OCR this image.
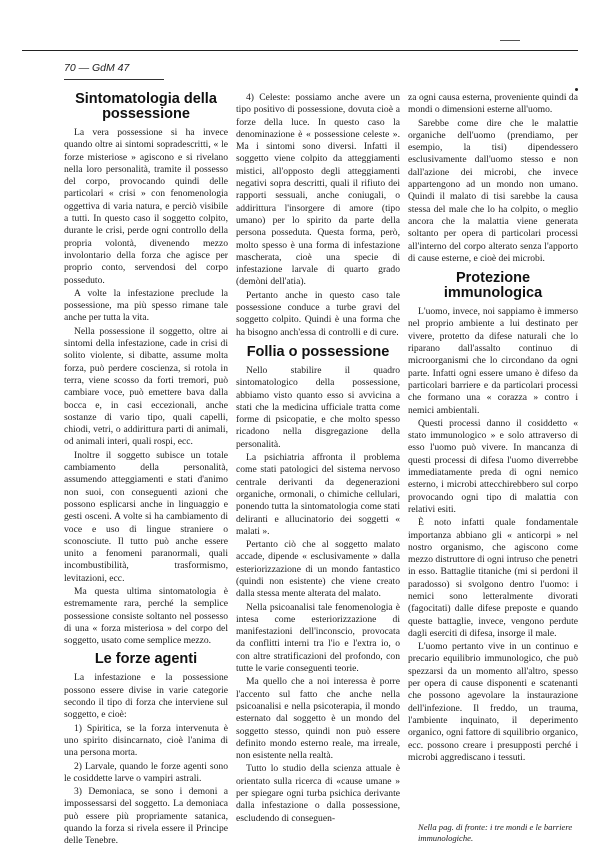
70 — GdM 47
Sintomatologia della possessione

La vera possessione si ha invece quando oltre ai sintomi sopradescritti, « le forze misteriose » agiscono e si rivelano nella loro personalità, tramite il possesso del corpo, provocando quindi delle particolari « crisi » con fenomenologia oggettiva di varia natura, e perciò visibile a tutti. In questo caso il soggetto colpito, durante le crisi, perde ogni controllo della propria volontà, divenendo mezzo involontario della forza che agisce per proprio conto, servendosi del corpo posseduto.

A volte la infestazione preclude la possessione, ma più spesso rimane tale anche per tutta la vita.

Nella possessione il soggetto, oltre ai sintomi della infestazione, cade in crisi di solito violente, si dibatte, assume molta forza, può perdere coscienza, si rotola in terra, viene scosso da forti tremori, può cambiare voce, può emettere bava dalla bocca e, in casi eccezionali, anche sostanze di vario tipo, quali capelli, chiodi, vetri, o addirittura parti di animali, od animali interi, quali rospi, ecc.

Inoltre il soggetto subisce un totale cambiamento della personalità, assumendo atteggiamenti e stati d'animo non suoi, con conseguenti azioni che possono esplicarsi anche in linguaggio e gesti osceni. A volte si ha cambiamento di voce e uso di lingue straniere o sconosciute. Il tutto può anche essere unito a fenomeni paranormali, quali incombustibilità, trasformismo, levitazioni, ecc.

Ma questa ultima sintomatologia è estremamente rara, perché la semplice possessione consiste soltanto nel possesso di una « forza misteriosa » del corpo del soggetto, usato come semplice mezzo.

Le forze agenti

La infestazione e la possessione possono essere divise in varie categorie secondo il tipo di forza che interviene sul soggetto, e cioè:

1) Spiritica, se la forza intervenuta è uno spirito disincarnato, cioè l'anima di una persona morta.

2) Larvale, quando le forze agenti sono le cosiddette larve o vampiri astrali.

3) Demoniaca, se sono i demoni a impossessarsi del soggetto. La demoniaca può essere più propriamente satanica, quando la forza si rivela essere il Principe delle Tenebre.

4) Celeste: possiamo anche avere un tipo positivo di possessione, dovuta cioè a forze della luce. In questo caso la denominazione è « possessione celeste ». Ma i sintomi sono diversi. Infatti il soggetto viene colpito da atteggiamenti mistici, all'opposto degli atteggiamenti negativi sopra descritti, quali il rifiuto dei rapporti sessuali, anche coniugali, o addirittura l'insorgere di amore (tipo umano) per lo spirito da parte della persona posseduta. Questa forma, però, molto spesso è una forma di infestazione mascherata, cioè una specie di infestazione larvale di quarto grado (demòni dell'atia).

Pertanto anche in questo caso tale possessione conduce a turbe gravi del soggetto colpito. Quindi è una forma che ha bisogno anch'essa di controlli e di cure.

Follia o possessione

Nello stabilire il quadro sintomatologico della possessione, abbiamo visto quanto esso si avvicina a stati che la medicina ufficiale tratta come forme di psicopatie, e che molto spesso ricadono nella disgregazione della personalità.

La psichiatria affronta il problema come stati patologici del sistema nervoso centrale derivanti da degenerazioni organiche, ormonali, o chimiche cellulari, ponendo tutta la sintomatologia come stati deliranti e allucinatorio dei soggetti « malati ».

Pertanto ciò che al soggetto malato accade, dipende « esclusivamente » dalla esteriorizzazione di un mondo fantastico (quindi non esistente) che viene creato dalla stessa mente alterata del malato.

Nella psicoanalisi tale fenomenologia è intesa come esteriorizzazione di manifestazioni dell'inconscio, provocata da conflitti interni tra l'io e l'extra io, o con altre stratificazioni del profondo, con tutte le varie conseguenti teorie.

Ma quello che a noi interessa è porre l'accento sul fatto che anche nella psicoanalisi e nella psicoterapia, il mondo esternato dal soggetto è un mondo del soggetto stesso, quindi non può essere definito mondo esterno reale, ma irreale, non esistente nella realtà.

Tutto lo studio della scienza attuale è orientato sulla ricerca di «cause umane » per spiegare ogni turba psichica derivante dalla infestazione o dalla possessione, escludendo di conseguen-

za ogni causa esterna, proveniente quindi da mondi o dimensioni esterne all'uomo.

Sarebbe come dire che le malattie organiche dell'uomo (prendiamo, per esempio, la tisi) dipendessero esclusivamente dall'uomo stesso e non dall'azione dei microbi, che invece appartengono ad un mondo non umano. Quindi il malato di tisi sarebbe la causa stessa del male che lo ha colpito, o meglio ancora che la malattia viene generata soltanto per opera di particolari processi all'interno del corpo alterato senza l'apporto di cause esterne, e cioè dei microbi.

Protezione immunologica

L'uomo, invece, noi sappiamo è immerso nel proprio ambiente a lui destinato per vivere, protetto da difese naturali che lo riparano dall'assalto continuo di microorganismi che lo circondano da ogni parte. Infatti ogni essere umano è difeso da particolari barriere e da particolari processi che formano una « corazza » contro i nemici ambientali.

Questi processi danno il cosiddetto « stato immunologico » e solo attraverso di esso l'uomo può vivere. In mancanza di questi processi di difesa l'uomo diverrebbe immediatamente preda di ogni nemico esterno, i microbi attecchirebbero sul corpo provocando ogni tipo di malattia con relativi esiti.

È noto infatti quale fondamentale importanza abbiano gli « anticorpi » nel nostro organismo, che agiscono come mezzo distruttore di ogni intruso che penetri in esso. Battaglie titaniche (mi si perdoni il paradosso) si svolgono dentro l'uomo: i nemici sono letteralmente divorati (fagocitati) dalle difese preposte e quando queste battaglie, invece, vengono perdute dagli eserciti di difesa, insorge il male.

L'uomo pertanto vive in un continuo e precario equilibrio immunologico, che può spezzarsi da un momento all'altro, spesso per opera di cause disponenti e scatenanti che possono agevolare la instaurazione dell'infezione. Il freddo, un trauma, l'ambiente inquinato, il deperimento organico, ogni fattore di squilibrio organico, ecc. possono creare i presupposti perché i microbi aggrediscano i tessuti.

Nella pag. di fronte: i tre mondi e le barriere immunologiche.
